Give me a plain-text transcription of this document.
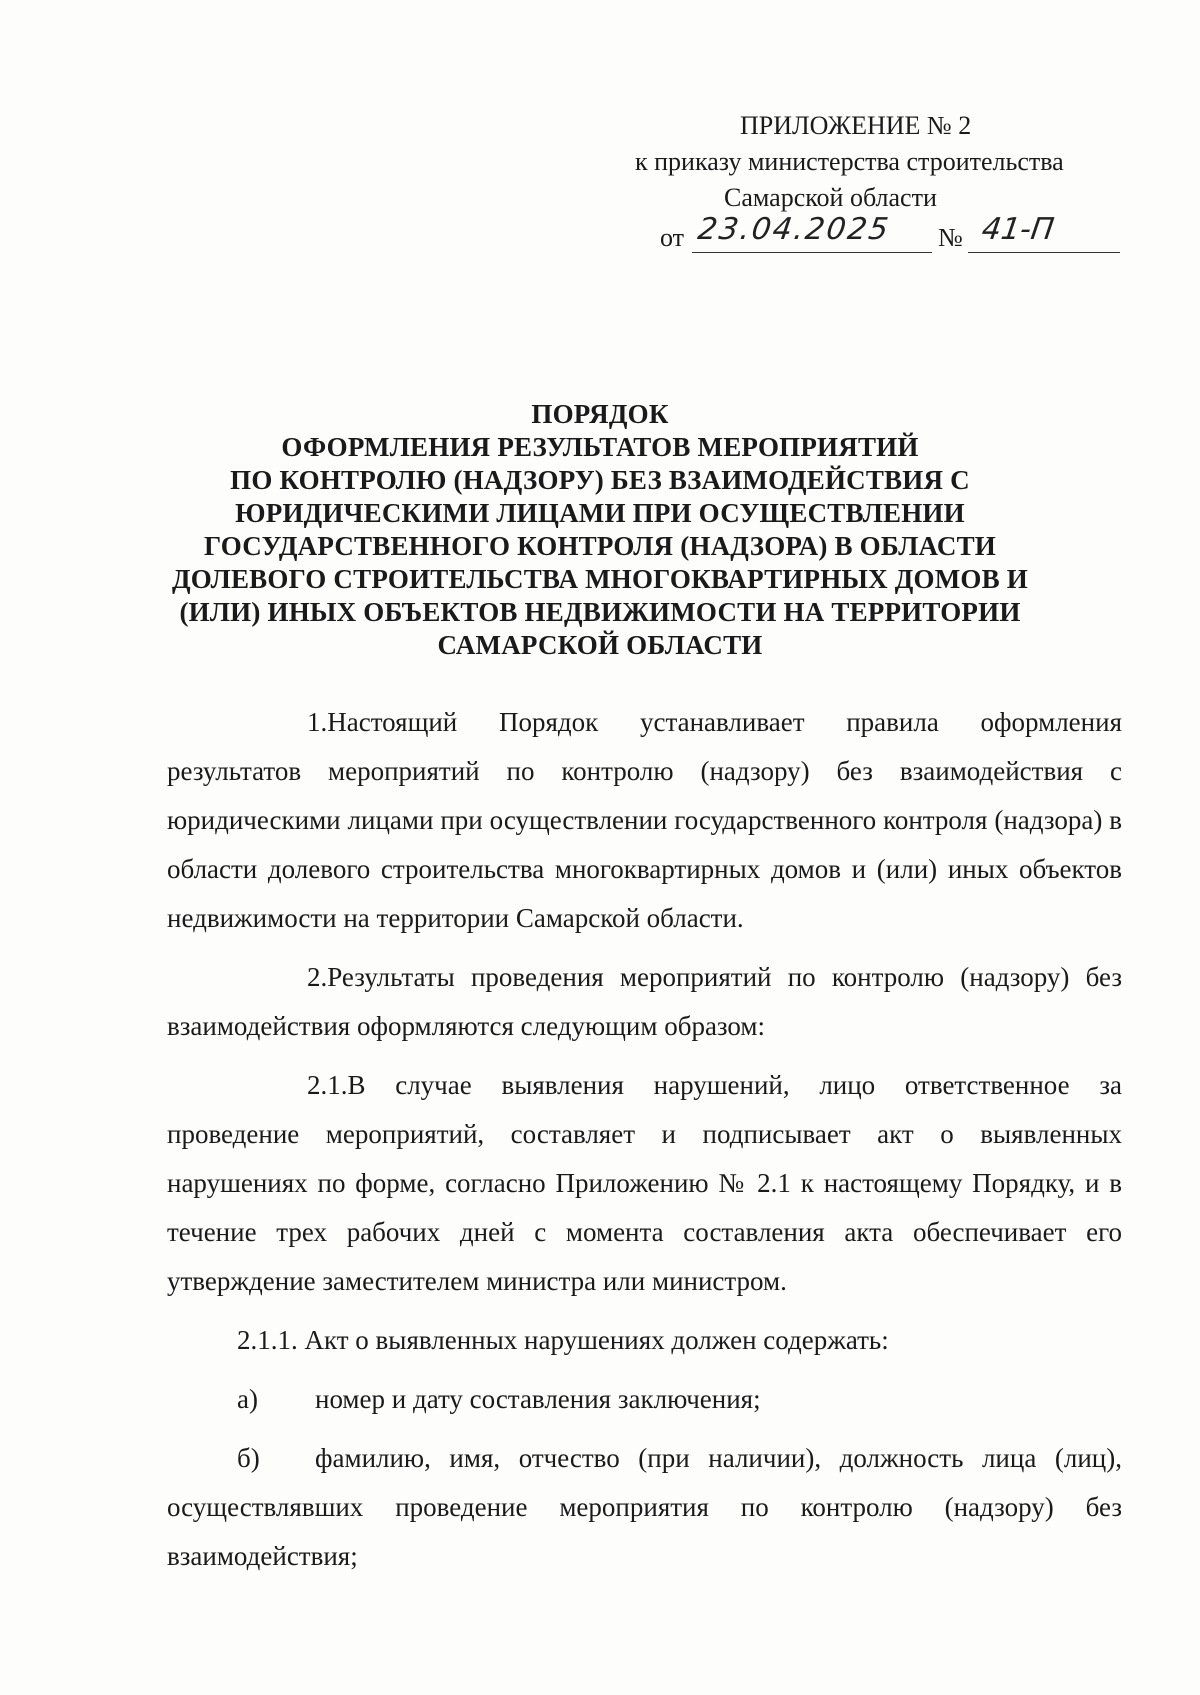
ПРИЛОЖЕНИЕ № 2
к приказу министерства строительства
Самарской области
от 23.04.2025 № 41-П
ПОРЯДОК
ОФОРМЛЕНИЯ РЕЗУЛЬТАТОВ МЕРОПРИЯТИЙ
ПО КОНТРОЛЮ (НАДЗОРУ) БЕЗ ВЗАИМОДЕЙСТВИЯ С
ЮРИДИЧЕСКИМИ ЛИЦАМИ ПРИ ОСУЩЕСТВЛЕНИИ
ГОСУДАРСТВЕННОГО КОНТРОЛЯ (НАДЗОРА) В ОБЛАСТИ
ДОЛЕВОГО СТРОИТЕЛЬСТВА МНОГОКВАРТИРНЫХ ДОМОВ И
(ИЛИ) ИНЫХ ОБЪЕКТОВ НЕДВИЖИМОСТИ НА ТЕРРИТОРИИ
САМАРСКОЙ ОБЛАСТИ

1.Настоящий Порядок устанавливает правила оформления результатов мероприятий по контролю (надзору) без взаимодействия с юридическими лицами при осуществлении государственного контроля (надзора) в области долевого строительства многоквартирных домов и (или) иных объектов недвижимости на территории Самарской области.

2.Результаты проведения мероприятий по контролю (надзору) без взаимодействия оформляются следующим образом:

2.1.В случае выявления нарушений, лицо ответственное за проведение мероприятий, составляет и подписывает акт о выявленных нарушениях по форме, согласно Приложению № 2.1 к настоящему Порядку, и в течение трех рабочих дней с момента составления акта обеспечивает его утверждение заместителем министра или министром.

2.1.1. Акт о выявленных нарушениях должен содержать:

а)	номер и дату составления заключения;

б) фамилию, имя, отчество (при наличии), должность лица (лиц), осуществлявших проведение мероприятия по контролю (надзору) без взаимодействия;
